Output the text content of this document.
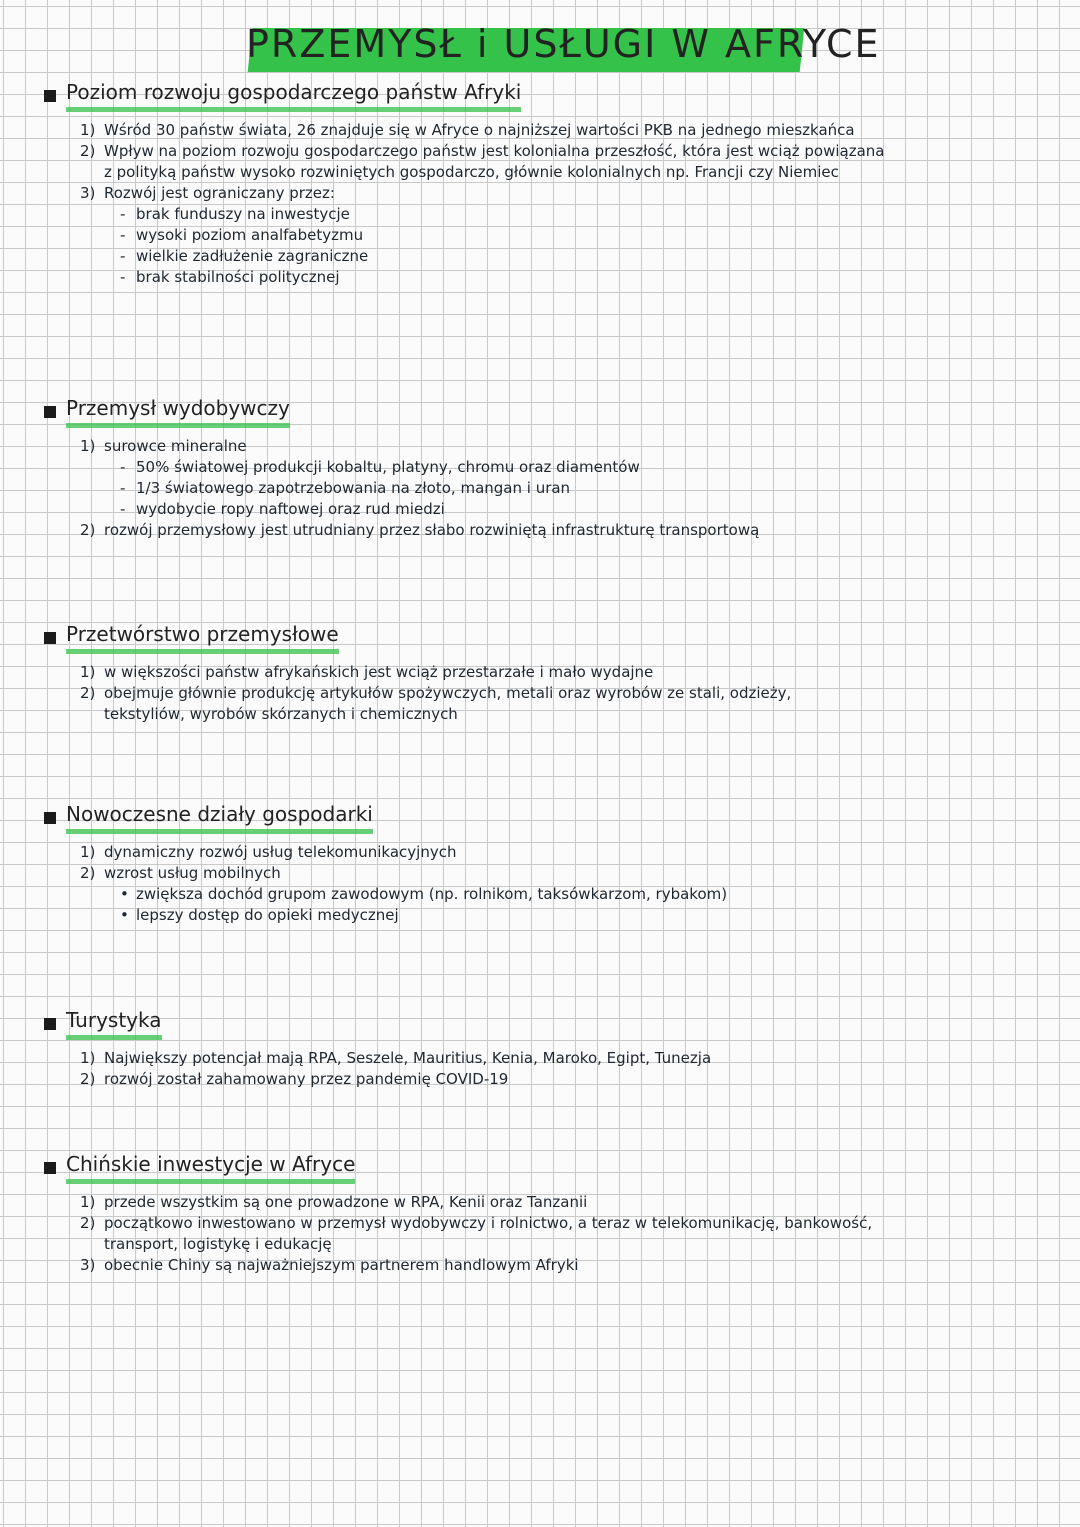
PRZEMYSŁ i USŁUGI W AFRYCE
Poziom rozwoju gospodarczego państw Afryki
1) Wśród 30 państw świata, 26 znajduje się w Afryce o najniższej wartości PKB na jednego mieszkańca
2) Wpływ na poziom rozwoju gospodarczego państw jest kolonialna przeszłość, która jest wciąż powiązana
z polityką państw wysoko rozwiniętych gospodarczo, głównie kolonialnych np. Francji czy Niemiec
3) Rozwój jest ograniczany przez:
- brak funduszy na inwestycje
- wysoki poziom analfabetyzmu
- wielkie zadłużenie zagraniczne
- brak stabilności politycznej
Przemysł wydobywczy
1) surowce mineralne
- 50% światowej produkcji kobaltu, platyny, chromu oraz diamentów
- 1/3 światowego zapotrzebowania na złoto, mangan i uran
- wydobycie ropy naftowej oraz rud miedzi
2) rozwój przemysłowy jest utrudniany przez słabo rozwiniętą infrastrukturę transportową
Przetwórstwo przemysłowe
1) w większości państw afrykańskich jest wciąż przestarzałe i mało wydajne
2) obejmuje głównie produkcję artykułów spożywczych, metali oraz wyrobów ze stali, odzieży,
tekstyliów, wyrobów skórzanych i chemicznych
Nowoczesne działy gospodarki
1) dynamiczny rozwój usług telekomunikacyjnych
2) wzrost usług mobilnych
• zwiększa dochód grupom zawodowym (np. rolnikom, taksówkarzom, rybakom)
• lepszy dostęp do opieki medycznej
Turystyka
1) Największy potencjał mają RPA, Seszele, Mauritius, Kenia, Maroko, Egipt, Tunezja
2) rozwój został zahamowany przez pandemię COVID-19
Chińskie inwestycje w Afryce
1) przede wszystkim są one prowadzone w RPA, Kenii oraz Tanzanii
2) początkowo inwestowano w przemysł wydobywczy i rolnictwo, a teraz w telekomunikację, bankowość,
transport, logistykę i edukację
3) obecnie Chiny są najważniejszym partnerem handlowym Afryki
